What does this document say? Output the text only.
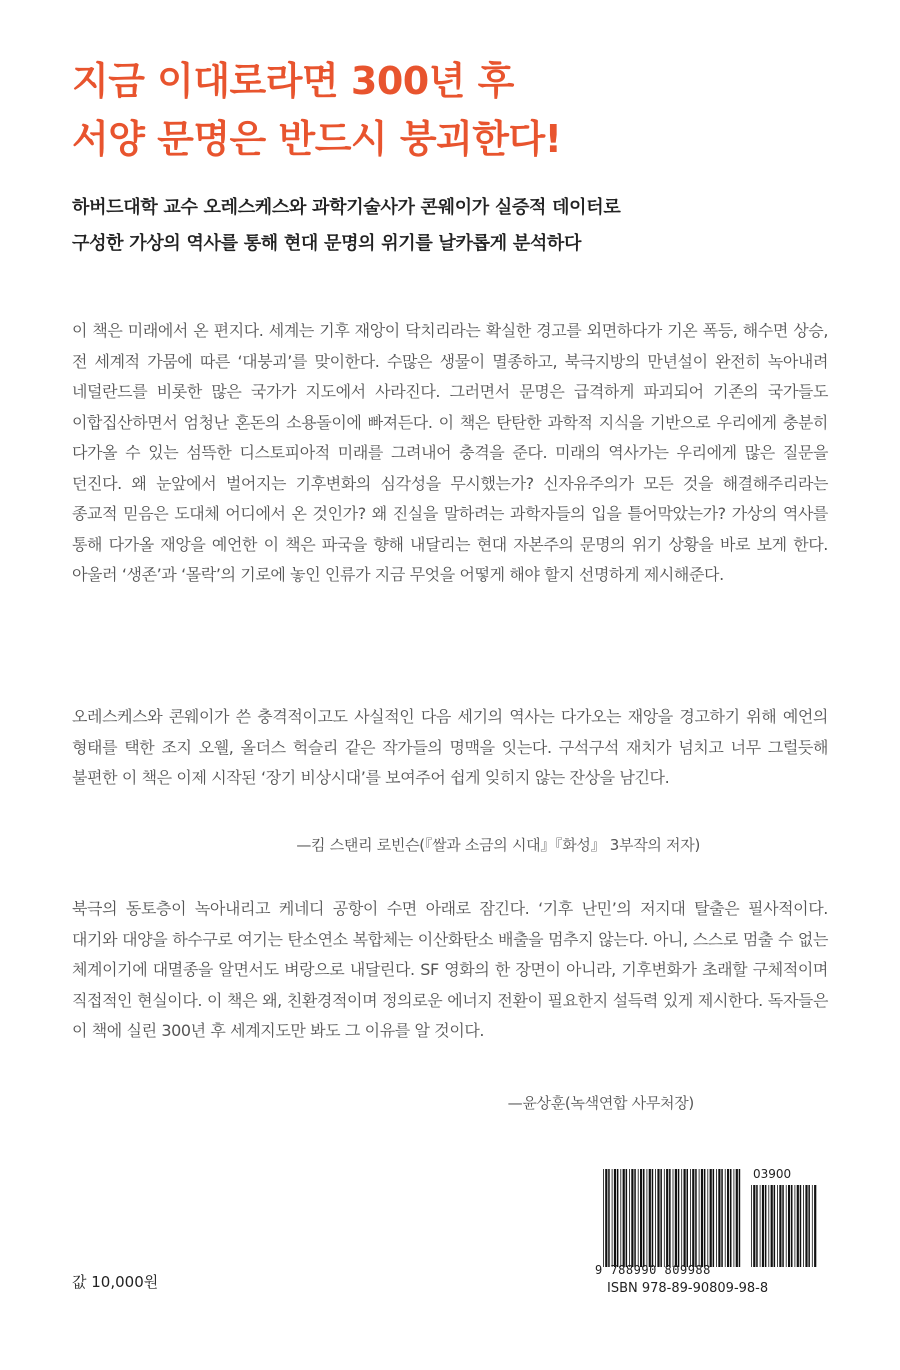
지금 이대로라면 300년 후
서양 문명은 반드시 붕괴한다!
하버드대학 교수 오레스케스와 과학기술사가 콘웨이가 실증적 데이터로
구성한 가상의 역사를 통해 현대 문명의 위기를 날카롭게 분석하다
이 책은 미래에서 온 편지다. 세계는 기후 재앙이 닥치리라는 확실한 경고를 외면하다가 기온 폭등, 해수면 상승, 전 세계적 가뭄에 따른 ‘대붕괴’를 맞이한다. 수많은 생물이 멸종하고, 북극지방의 만년설이 완전히 녹아내려 네덜란드를 비롯한 많은 국가가 지도에서 사라진다. 그러면서 문명은 급격하게 파괴되어 기존의 국가들도 이합집산하면서 엄청난 혼돈의 소용돌이에 빠져든다. 이 책은 탄탄한 과학적 지식을 기반으로 우리에게 충분히 다가올 수 있는 섬뜩한 디스토피아적 미래를 그려내어 충격을 준다. 미래의 역사가는 우리에게 많은 질문을 던진다. 왜 눈앞에서 벌어지는 기후변화의 심각성을 무시했는가? 신자유주의가 모든 것을 해결해주리라는 종교적 믿음은 도대체 어디에서 온 것인가? 왜 진실을 말하려는 과학자들의 입을 틀어막았는가? 가상의 역사를 통해 다가올 재앙을 예언한 이 책은 파국을 향해 내달리는 현대 자본주의 문명의 위기 상황을 바로 보게 한다. 아울러 ‘생존’과 ‘몰락’의 기로에 놓인 인류가 지금 무엇을 어떻게 해야 할지 선명하게 제시해준다.
오레스케스와 콘웨이가 쓴 충격적이고도 사실적인 다음 세기의 역사는 다가오는 재앙을 경고하기 위해 예언의 형태를 택한 조지 오웰, 올더스 헉슬리 같은 작가들의 명맥을 잇는다. 구석구석 재치가 넘치고 너무 그럴듯해 불편한 이 책은 이제 시작된 ‘장기 비상시대’를 보여주어 쉽게 잊히지 않는 잔상을 남긴다.
—킴 스탠리 로빈슨(『쌀과 소금의 시대』『화성』 3부작의 저자)
북극의 동토층이 녹아내리고 케네디 공항이 수면 아래로 잠긴다. ‘기후 난민’의 저지대 탈출은 필사적이다. 대기와 대양을 하수구로 여기는 탄소연소 복합체는 이산화탄소 배출을 멈추지 않는다. 아니, 스스로 멈출 수 없는 체계이기에 대멸종을 알면서도 벼랑으로 내달린다. SF 영화의 한 장면이 아니라, 기후변화가 초래할 구체적이며 직접적인 현실이다. 이 책은 왜, 친환경적이며 정의로운 에너지 전환이 필요한지 설득력 있게 제시한다. 독자들은 이 책에 실린 300년 후 세계지도만 봐도 그 이유를 알 것이다.
—윤상훈(녹색연합 사무처장)
값 10,000원
9 788990 809988
03900
ISBN 978-89-90809-98-8
